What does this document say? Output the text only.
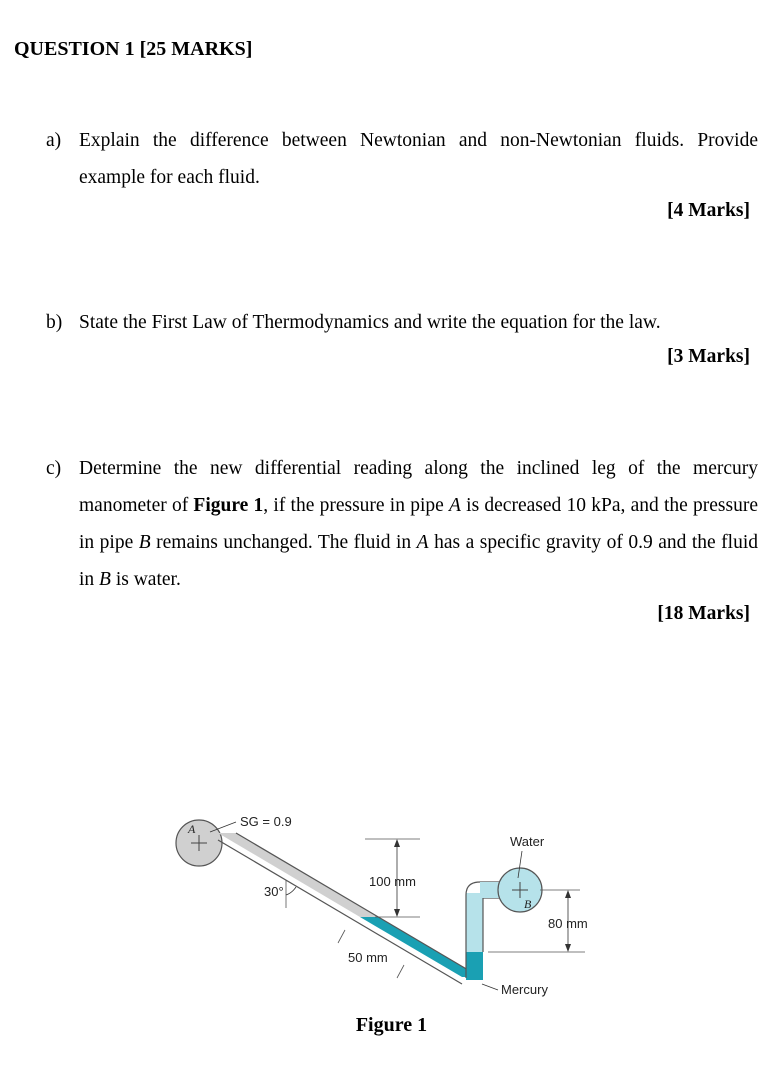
QUESTION 1 [25 MARKS]
a) Explain the difference between Newtonian and non-Newtonian fluids. Provide example for each fluid.
[4 Marks]
b) State the First Law of Thermodynamics and write the equation for the law.
[3 Marks]
c) Determine the new differential reading along the inclined leg of the mercury manometer of Figure 1, if the pressure in pipe A is decreased 10 kPa, and the pressure in pipe B remains unchanged. The fluid in A has a specific gravity of 0.9 and the fluid in B is water.
[18 Marks]
A
B
SG = 0.9
Water
Mercury
100 mm
30°
50 mm
80 mm
Figure 1
